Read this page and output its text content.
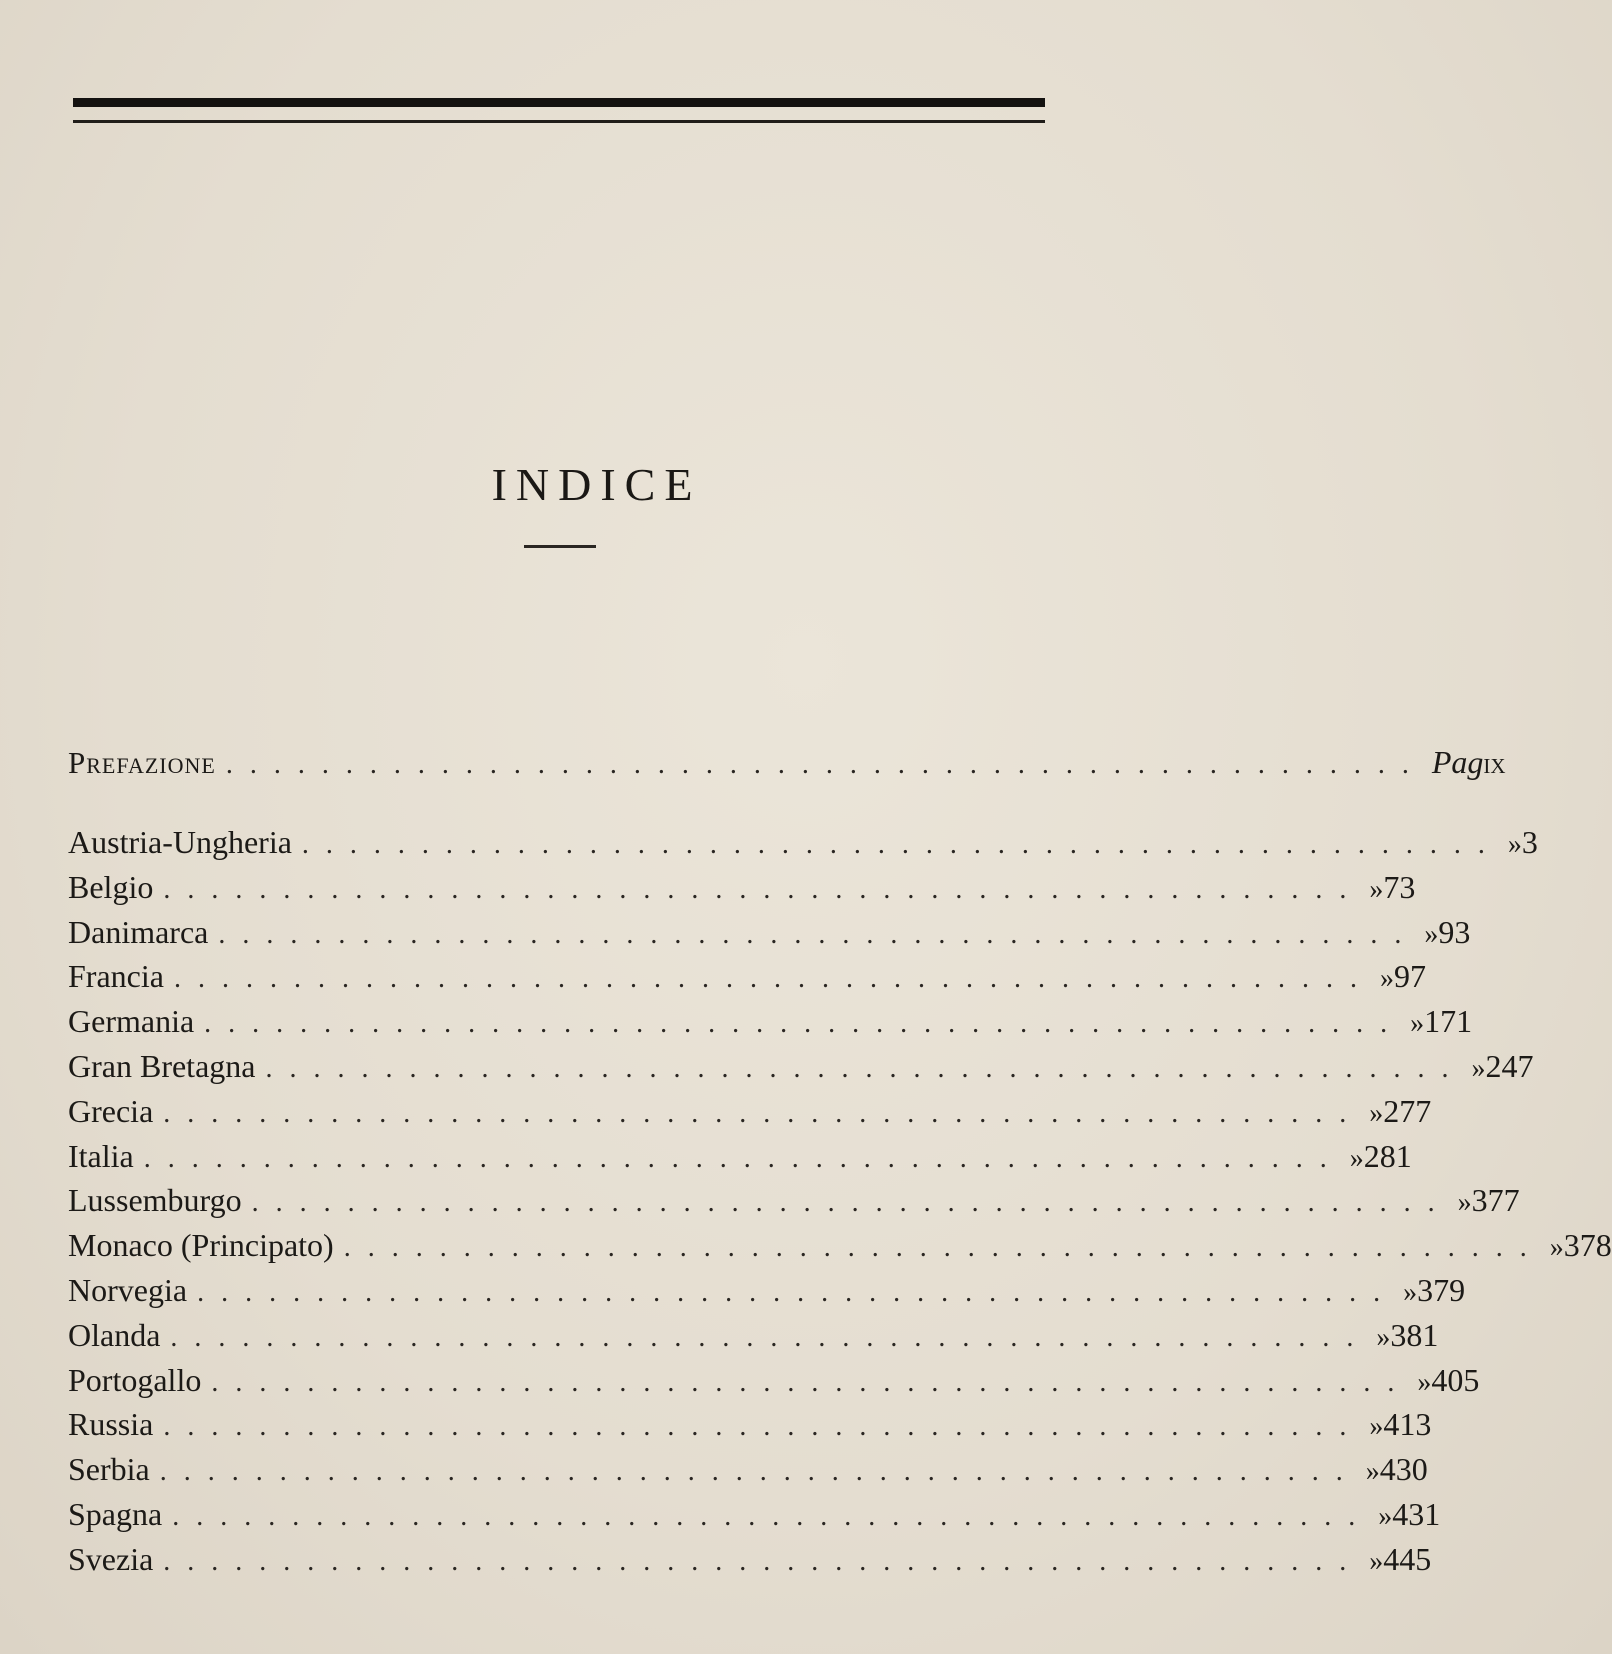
INDICE
Prefazione .................................................. Pag ix
Austria-Ungheria .................................................. » 3
Belgio .................................................. » 73
Danimarca .................................................. » 93
Francia .................................................. » 97
Germania .................................................. » 171
Gran Bretagna .................................................. » 247
Grecia .................................................. » 277
Italia .................................................. » 281
Lussemburgo .................................................. » 377
Monaco (Principato) .................................................. » 378
Norvegia .................................................. » 379
Olanda .................................................. » 381
Portogallo .................................................. » 405
Russia .................................................. » 413
Serbia .................................................. » 430
Spagna .................................................. » 431
Svezia .................................................. » 445
